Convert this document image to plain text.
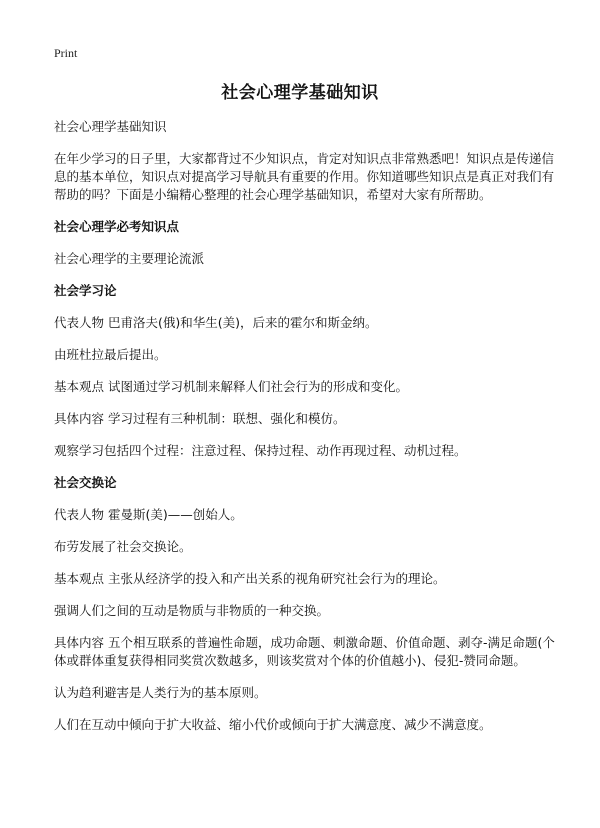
Print
社会心理学基础知识

社会心理学基础知识

在年少学习的日子里，大家都背过不少知识点，肯定对知识点非常熟悉吧！知识点是传递信息的基本单位，知识点对提高学习导航具有重要的作用。你知道哪些知识点是真正对我们有帮助的吗？下面是小编精心整理的社会心理学基础知识，希望对大家有所帮助。

社会心理学必考知识点

社会心理学的主要理论流派

社会学习论

代表人物 巴甫洛夫(俄)和华生(美)，后来的霍尔和斯金纳。

由班杜拉最后提出。

基本观点 试图通过学习机制来解释人们社会行为的形成和变化。

具体内容 学习过程有三种机制：联想、强化和模仿。

观察学习包括四个过程：注意过程、保持过程、动作再现过程、动机过程。

社会交换论

代表人物 霍曼斯(美)——创始人。

布劳发展了社会交换论。

基本观点 主张从经济学的投入和产出关系的视角研究社会行为的理论。

强调人们之间的互动是物质与非物质的一种交换。

具体内容 五个相互联系的普遍性命题，成功命题、刺激命题、价值命题、剥夺-满足命题(个体或群体重复获得相同奖赏次数越多，则该奖赏对个体的价值越小)、侵犯-赞同命题。

认为趋利避害是人类行为的基本原则。

人们在互动中倾向于扩大收益、缩小代价或倾向于扩大满意度、减少不满意度。
